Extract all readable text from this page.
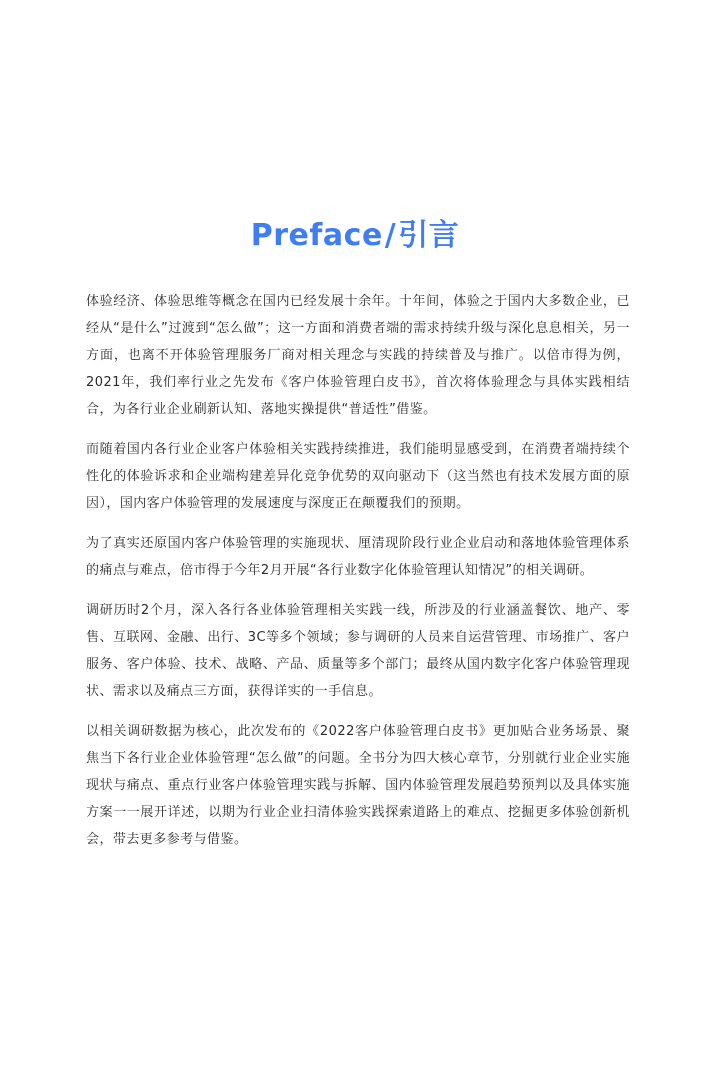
Preface/引言

体验经济、体验思维等概念在国内已经发展十余年。十年间，体验之于国内大多数企业，已经从“是什么”过渡到“怎么做”；这一方面和消费者端的需求持续升级与深化息息相关，另一方面，也离不开体验管理服务厂商对相关理念与实践的持续普及与推广。以倍市得为例，2021年，我们率行业之先发布《客户体验管理白皮书》，首次将体验理念与具体实践相结合，为各行业企业刷新认知、落地实操提供“普适性”借鉴。

而随着国内各行业企业客户体验相关实践持续推进，我们能明显感受到，在消费者端持续个性化的体验诉求和企业端构建差异化竞争优势的双向驱动下（这当然也有技术发展方面的原因），国内客户体验管理的发展速度与深度正在颠覆我们的预期。

为了真实还原国内客户体验管理的实施现状、厘清现阶段行业企业启动和落地体验管理体系的痛点与难点，倍市得于今年2月开展“各行业数字化体验管理认知情况”的相关调研。

调研历时2个月，深入各行各业体验管理相关实践一线，所涉及的行业涵盖餐饮、地产、零售、互联网、金融、出行、3C等多个领域；参与调研的人员来自运营管理、市场推广、客户服务、客户体验、技术、战略、产品、质量等多个部门；最终从国内数字化客户体验管理现状、需求以及痛点三方面，获得详实的一手信息。

以相关调研数据为核心，此次发布的《2022客户体验管理白皮书》更加贴合业务场景、聚焦当下各行业企业体验管理“怎么做”的问题。全书分为四大核心章节，分别就行业企业实施现状与痛点、重点行业客户体验管理实践与拆解、国内体验管理发展趋势预判以及具体实施方案一一展开详述，以期为行业企业扫清体验实践探索道路上的难点、挖掘更多体验创新机会，带去更多参考与借鉴。
